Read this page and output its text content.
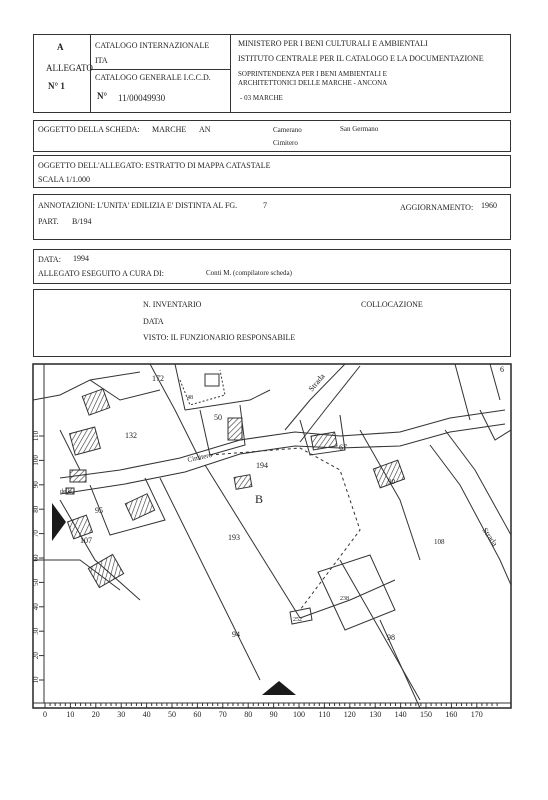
A
ALLEGATO
N° 1
CATALOGO INTERNAZIONALE
ITA
CATALOGO GENERALE I.C.C.D.
N° 11/00049930
MINISTERO PER I BENI CULTURALI E AMBIENTALI
ISTITUTO CENTRALE PER IL CATALOGO E LA DOCUMENTAZIONE
SOPRINTENDENZA PER I BENI AMBIENTALI E
ARCHITETTONICI DELLE MARCHE - ANCONA
- 03 MARCHE
OGGETTO DELLA SCHEDA: MARCHE AN	Camerano	San Germano
Cimitero
OGGETTO DELL'ALLEGATO: ESTRATTO DI MAPPA CATASTALE
SCALA 1/1.000
ANNOTAZIONI: L'UNITA' EDILIZIA E' DISTINTA AL FG.	7	AGGIORNAMENTO: 1960
PART. B/194
DATA: 1994
ALLEGATO ESEGUITO A CURA DI:	Conti M. (compilatore scheda)
N. INVENTARIO	COLLOCAZIONE
DATA
VISTO: IL FUNZIONARIO RESPONSABILE
172
48
132
50
67
194
B
95
193
107
90
108
238
252
94	98
6
Strada
Strada
Cimitero
della
0 10 20 30 40 50 60 70 80 90 100 110 120 130 140 150 160 170
10
20
30
40
50
60
70
80
90
100
110
